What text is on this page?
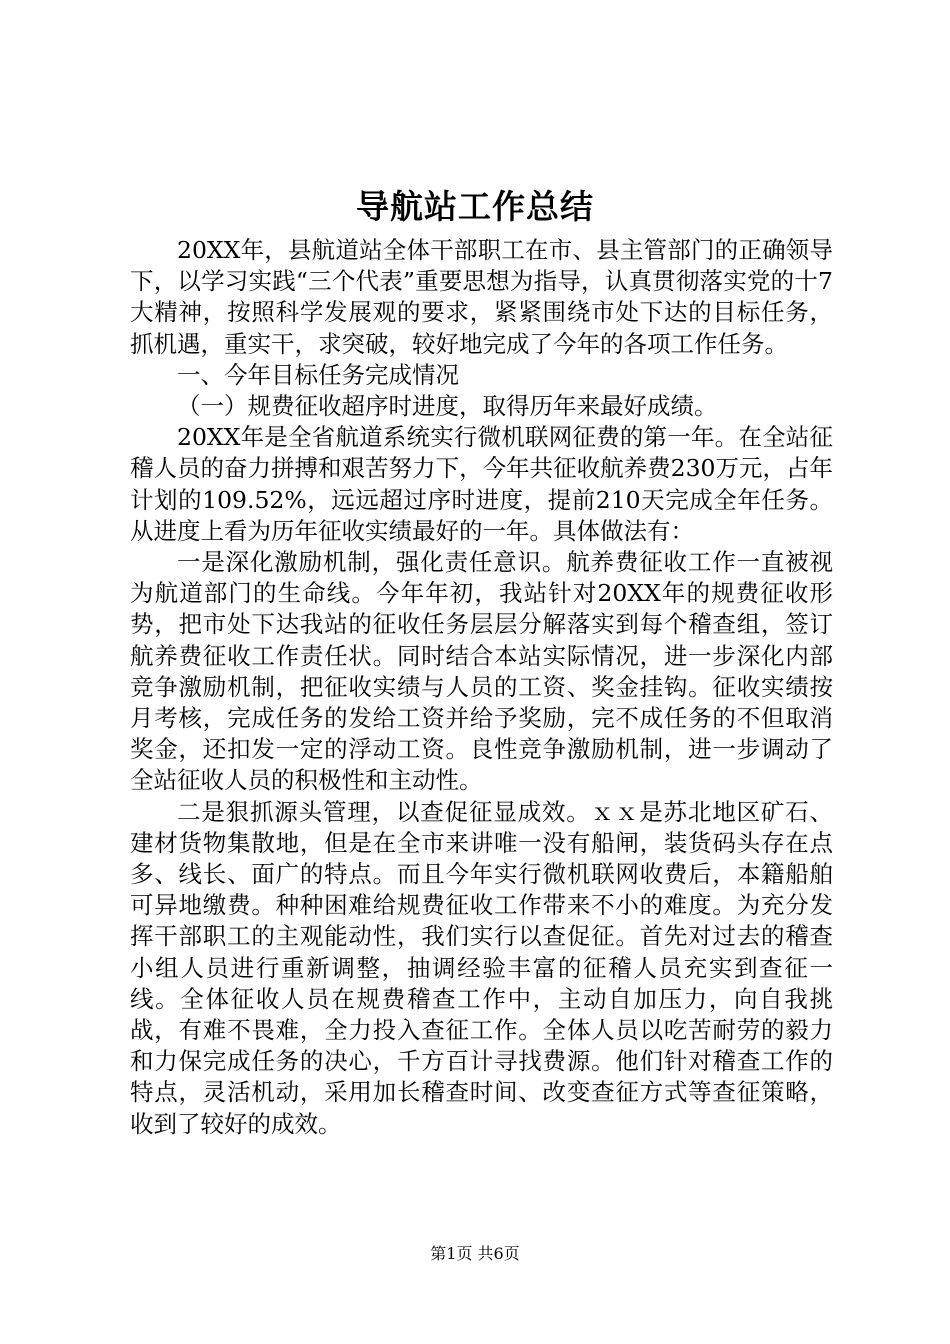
导航站工作总结

20XX年，县航道站全体干部职工在市、县主管部门的正确领导下，以学习实践“三个代表”重要思想为指导，认真贯彻落实党的十7大精神，按照科学发展观的要求，紧紧围绕市处下达的目标任务，抓机遇，重实干，求突破，较好地完成了今年的各项工作任务。

一、今年目标任务完成情况

（一）规费征收超序时进度，取得历年来最好成绩。

20XX年是全省航道系统实行微机联网征费的第一年。在全站征稽人员的奋力拼搏和艰苦努力下，今年共征收航养费230万元，占年计划的109.52%，远远超过序时进度，提前210天完成全年任务。从进度上看为历年征收实绩最好的一年。具体做法有：

一是深化激励机制，强化责任意识。航养费征收工作一直被视为航道部门的生命线。今年年初，我站针对20XX年的规费征收形势，把市处下达我站的征收任务层层分解落实到每个稽查组，签订航养费征收工作责任状。同时结合本站实际情况，进一步深化内部竞争激励机制，把征收实绩与人员的工资、奖金挂钩。征收实绩按月考核，完成任务的发给工资并给予奖励，完不成任务的不但取消奖金，还扣发一定的浮动工资。良性竞争激励机制，进一步调动了全站征收人员的积极性和主动性。

二是狠抓源头管理，以查促征显成效。ｘｘ是苏北地区矿石、建材货物集散地，但是在全市来讲唯一没有船闸，装货码头存在点多、线长、面广的特点。而且今年实行微机联网收费后，本籍船舶可异地缴费。种种困难给规费征收工作带来不小的难度。为充分发挥干部职工的主观能动性，我们实行以查促征。首先对过去的稽查小组人员进行重新调整，抽调经验丰富的征稽人员充实到查征一线。全体征收人员在规费稽查工作中，主动自加压力，向自我挑战，有难不畏难，全力投入查征工作。全体人员以吃苦耐劳的毅力和力保完成任务的决心，千方百计寻找费源。他们针对稽查工作的特点，灵活机动，采用加长稽查时间、改变查征方式等查征策略，收到了较好的成效。

第1页 共6页
